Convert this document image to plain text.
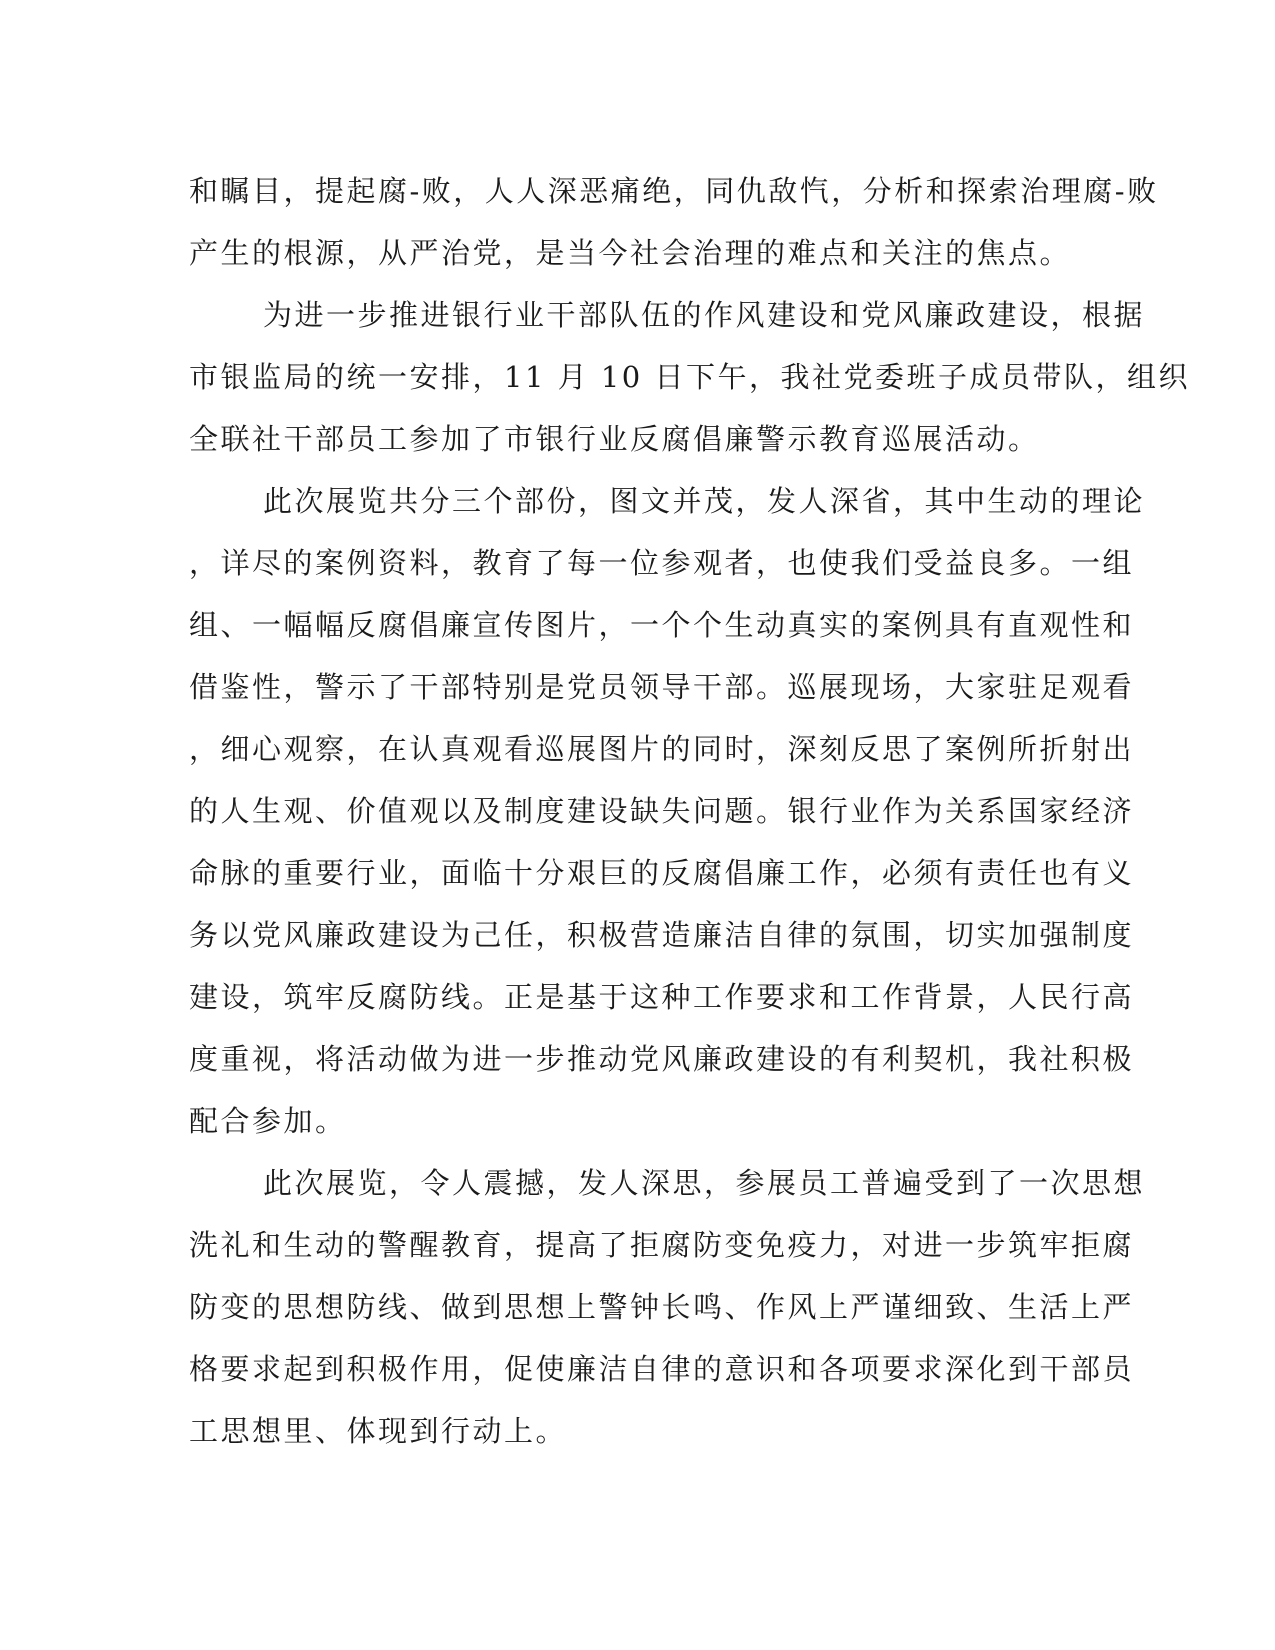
和瞩目，提起腐-败，人人深恶痛绝，同仇敌忾，分析和探索治理腐-败
产生的根源，从严治党，是当今社会治理的难点和关注的焦点。
为进一步推进银行业干部队伍的作风建设和党风廉政建设，根据
市银监局的统一安排，11 月 10 日下午，我社党委班子成员带队，组织
全联社干部员工参加了市银行业反腐倡廉警示教育巡展活动。
此次展览共分三个部份，图文并茂，发人深省，其中生动的理论
，详尽的案例资料，教育了每一位参观者，也使我们受益良多。一组
组、一幅幅反腐倡廉宣传图片，一个个生动真实的案例具有直观性和
借鉴性，警示了干部特别是党员领导干部。巡展现场，大家驻足观看
，细心观察，在认真观看巡展图片的同时，深刻反思了案例所折射出
的人生观、价值观以及制度建设缺失问题。银行业作为关系国家经济
命脉的重要行业，面临十分艰巨的反腐倡廉工作，必须有责任也有义
务以党风廉政建设为己任，积极营造廉洁自律的氛围，切实加强制度
建设，筑牢反腐防线。正是基于这种工作要求和工作背景，人民行高
度重视，将活动做为进一步推动党风廉政建设的有利契机，我社积极
配合参加。
此次展览，令人震撼，发人深思，参展员工普遍受到了一次思想
洗礼和生动的警醒教育，提高了拒腐防变免疫力，对进一步筑牢拒腐
防变的思想防线、做到思想上警钟长鸣、作风上严谨细致、生活上严
格要求起到积极作用，促使廉洁自律的意识和各项要求深化到干部员
工思想里、体现到行动上。
